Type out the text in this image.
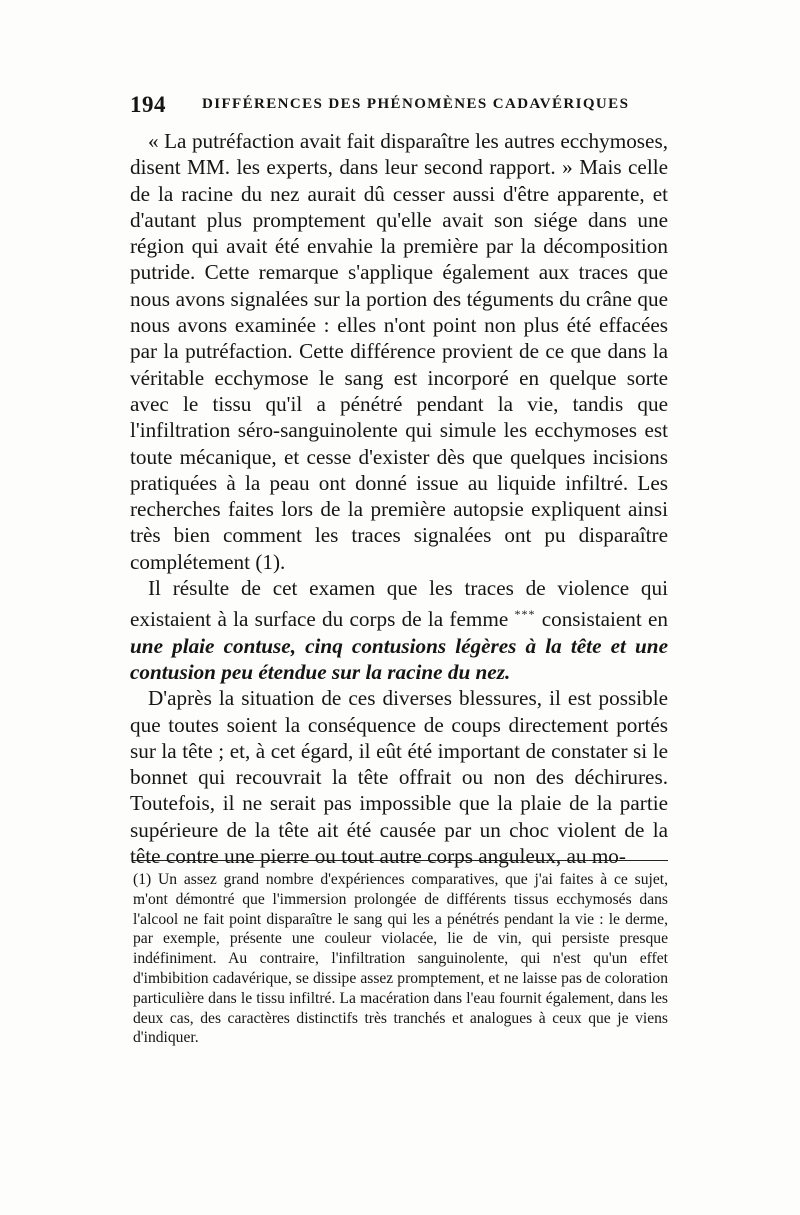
194 DIFFÉRENCES DES PHÉNOMÈNES CADAVÉRIQUES

« La putréfaction avait fait disparaître les autres ecchymoses, disent MM. les experts, dans leur second rapport. » Mais celle de la racine du nez aurait dû cesser aussi d'être apparente, et d'autant plus promptement qu'elle avait son siége dans une région qui avait été envahie la première par la décomposition putride. Cette remarque s'applique également aux traces que nous avons signalées sur la portion des téguments du crâne que nous avons examinée : elles n'ont point non plus été effacées par la putréfaction. Cette différence provient de ce que dans la véritable ecchymose le sang est incorporé en quelque sorte avec le tissu qu'il a pénétré pendant la vie, tandis que l'infiltration séro-sanguinolente qui simule les ecchymoses est toute mécanique, et cesse d'exister dès que quelques incisions pratiquées à la peau ont donné issue au liquide infiltré. Les recherches faites lors de la première autopsie expliquent ainsi très bien comment les traces signalées ont pu disparaître complétement (1).

Il résulte de cet examen que les traces de violence qui existaient à la surface du corps de la femme *** consistaient en une plaie contuse, cinq contusions légères à la tête et une contusion peu étendue sur la racine du nez.

D'après la situation de ces diverses blessures, il est possible que toutes soient la conséquence de coups directement portés sur la tête ; et, à cet égard, il eût été important de constater si le bonnet qui recouvrait la tête offrait ou non des déchirures. Toutefois, il ne serait pas impossible que la plaie de la partie supérieure de la tête ait été causée par un choc violent de la tête contre une pierre ou tout autre corps anguleux, au mo-

(1) Un assez grand nombre d'expériences comparatives, que j'ai faites à ce sujet, m'ont démontré que l'immersion prolongée de différents tissus ecchymosés dans l'alcool ne fait point disparaître le sang qui les a pénétrés pendant la vie : le derme, par exemple, présente une couleur violacée, lie de vin, qui persiste presque indéfiniment. Au contraire, l'infiltration sanguinolente, qui n'est qu'un effet d'imbibition cadavérique, se dissipe assez promptement, et ne laisse pas de coloration particulière dans le tissu infiltré. La macération dans l'eau fournit également, dans les deux cas, des caractères distinctifs très tranchés et analogues à ceux que je viens d'indiquer.
